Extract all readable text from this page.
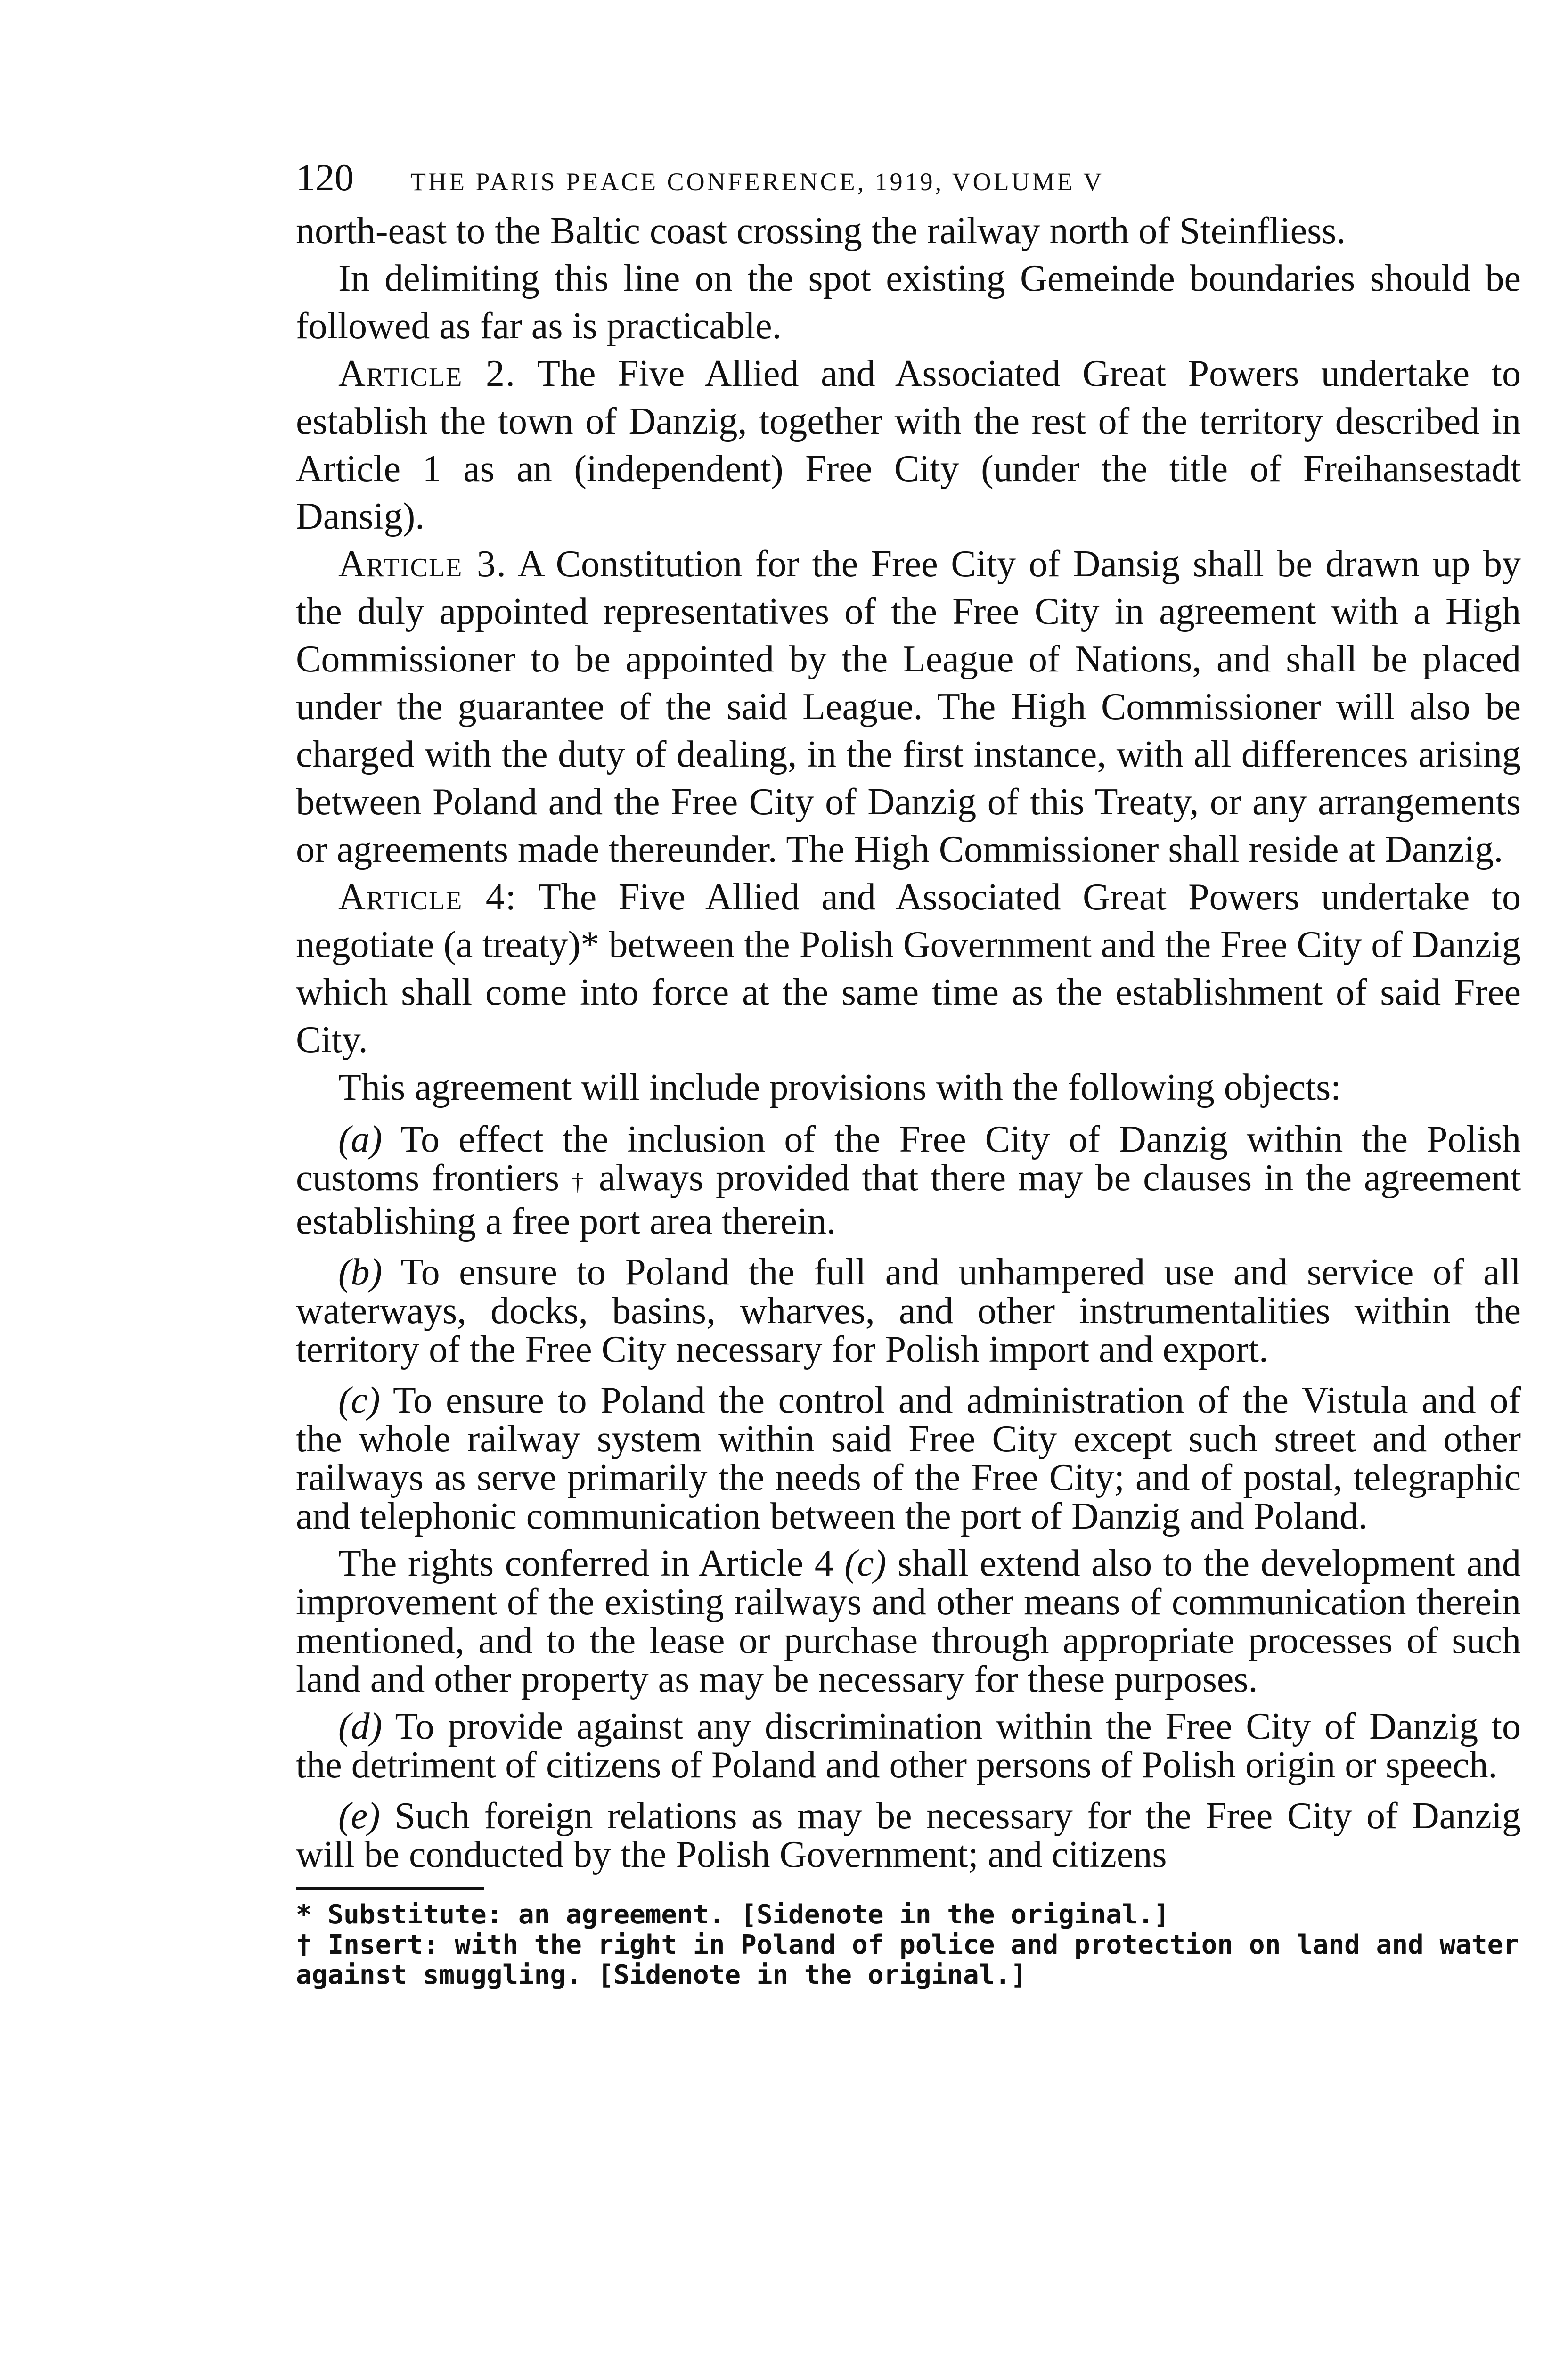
120 THE PARIS PEACE CONFERENCE, 1919, VOLUME V

north-east to the Baltic coast crossing the railway north of Steinfliess.

In delimiting this line on the spot existing Gemeinde boundaries should be followed as far as is practicable.

Article 2. The Five Allied and Associated Great Powers undertake to establish the town of Danzig, together with the rest of the territory described in Article 1 as an (independent) Free City (under the title of Freihansestadt Dansig).

Article 3. A Constitution for the Free City of Dansig shall be drawn up by the duly appointed representatives of the Free City in agreement with a High Commissioner to be appointed by the League of Nations, and shall be placed under the guarantee of the said League. The High Commissioner will also be charged with the duty of dealing, in the first instance, with all differences arising between Poland and the Free City of Danzig of this Treaty, or any arrangements or agreements made thereunder. The High Commissioner shall reside at Danzig.

Article 4: The Five Allied and Associated Great Powers undertake to negotiate (a treaty)* between the Polish Government and the Free City of Danzig which shall come into force at the same time as the establishment of said Free City.

This agreement will include provisions with the following objects:

(a) To effect the inclusion of the Free City of Danzig within the Polish customs frontiers † always provided that there may be clauses in the agreement establishing a free port area therein.

(b) To ensure to Poland the full and unhampered use and service of all waterways, docks, basins, wharves, and other instrumentalities within the territory of the Free City necessary for Polish import and export.

(c) To ensure to Poland the control and administration of the Vistula and of the whole railway system within said Free City except such street and other railways as serve primarily the needs of the Free City; and of postal, telegraphic and telephonic communication between the port of Danzig and Poland.

The rights conferred in Article 4 (c) shall extend also to the development and improvement of the existing railways and other means of communication therein mentioned, and to the lease or purchase through appropriate processes of such land and other property as may be necessary for these purposes.

(d) To provide against any discrimination within the Free City of Danzig to the detriment of citizens of Poland and other persons of Polish origin or speech.

(e) Such foreign relations as may be necessary for the Free City of Danzig will be conducted by the Polish Government; and citizens

* Substitute: an agreement. [Sidenote in the original.]

† Insert: with the right in Poland of police and protection on land and water against smuggling. [Sidenote in the original.]
